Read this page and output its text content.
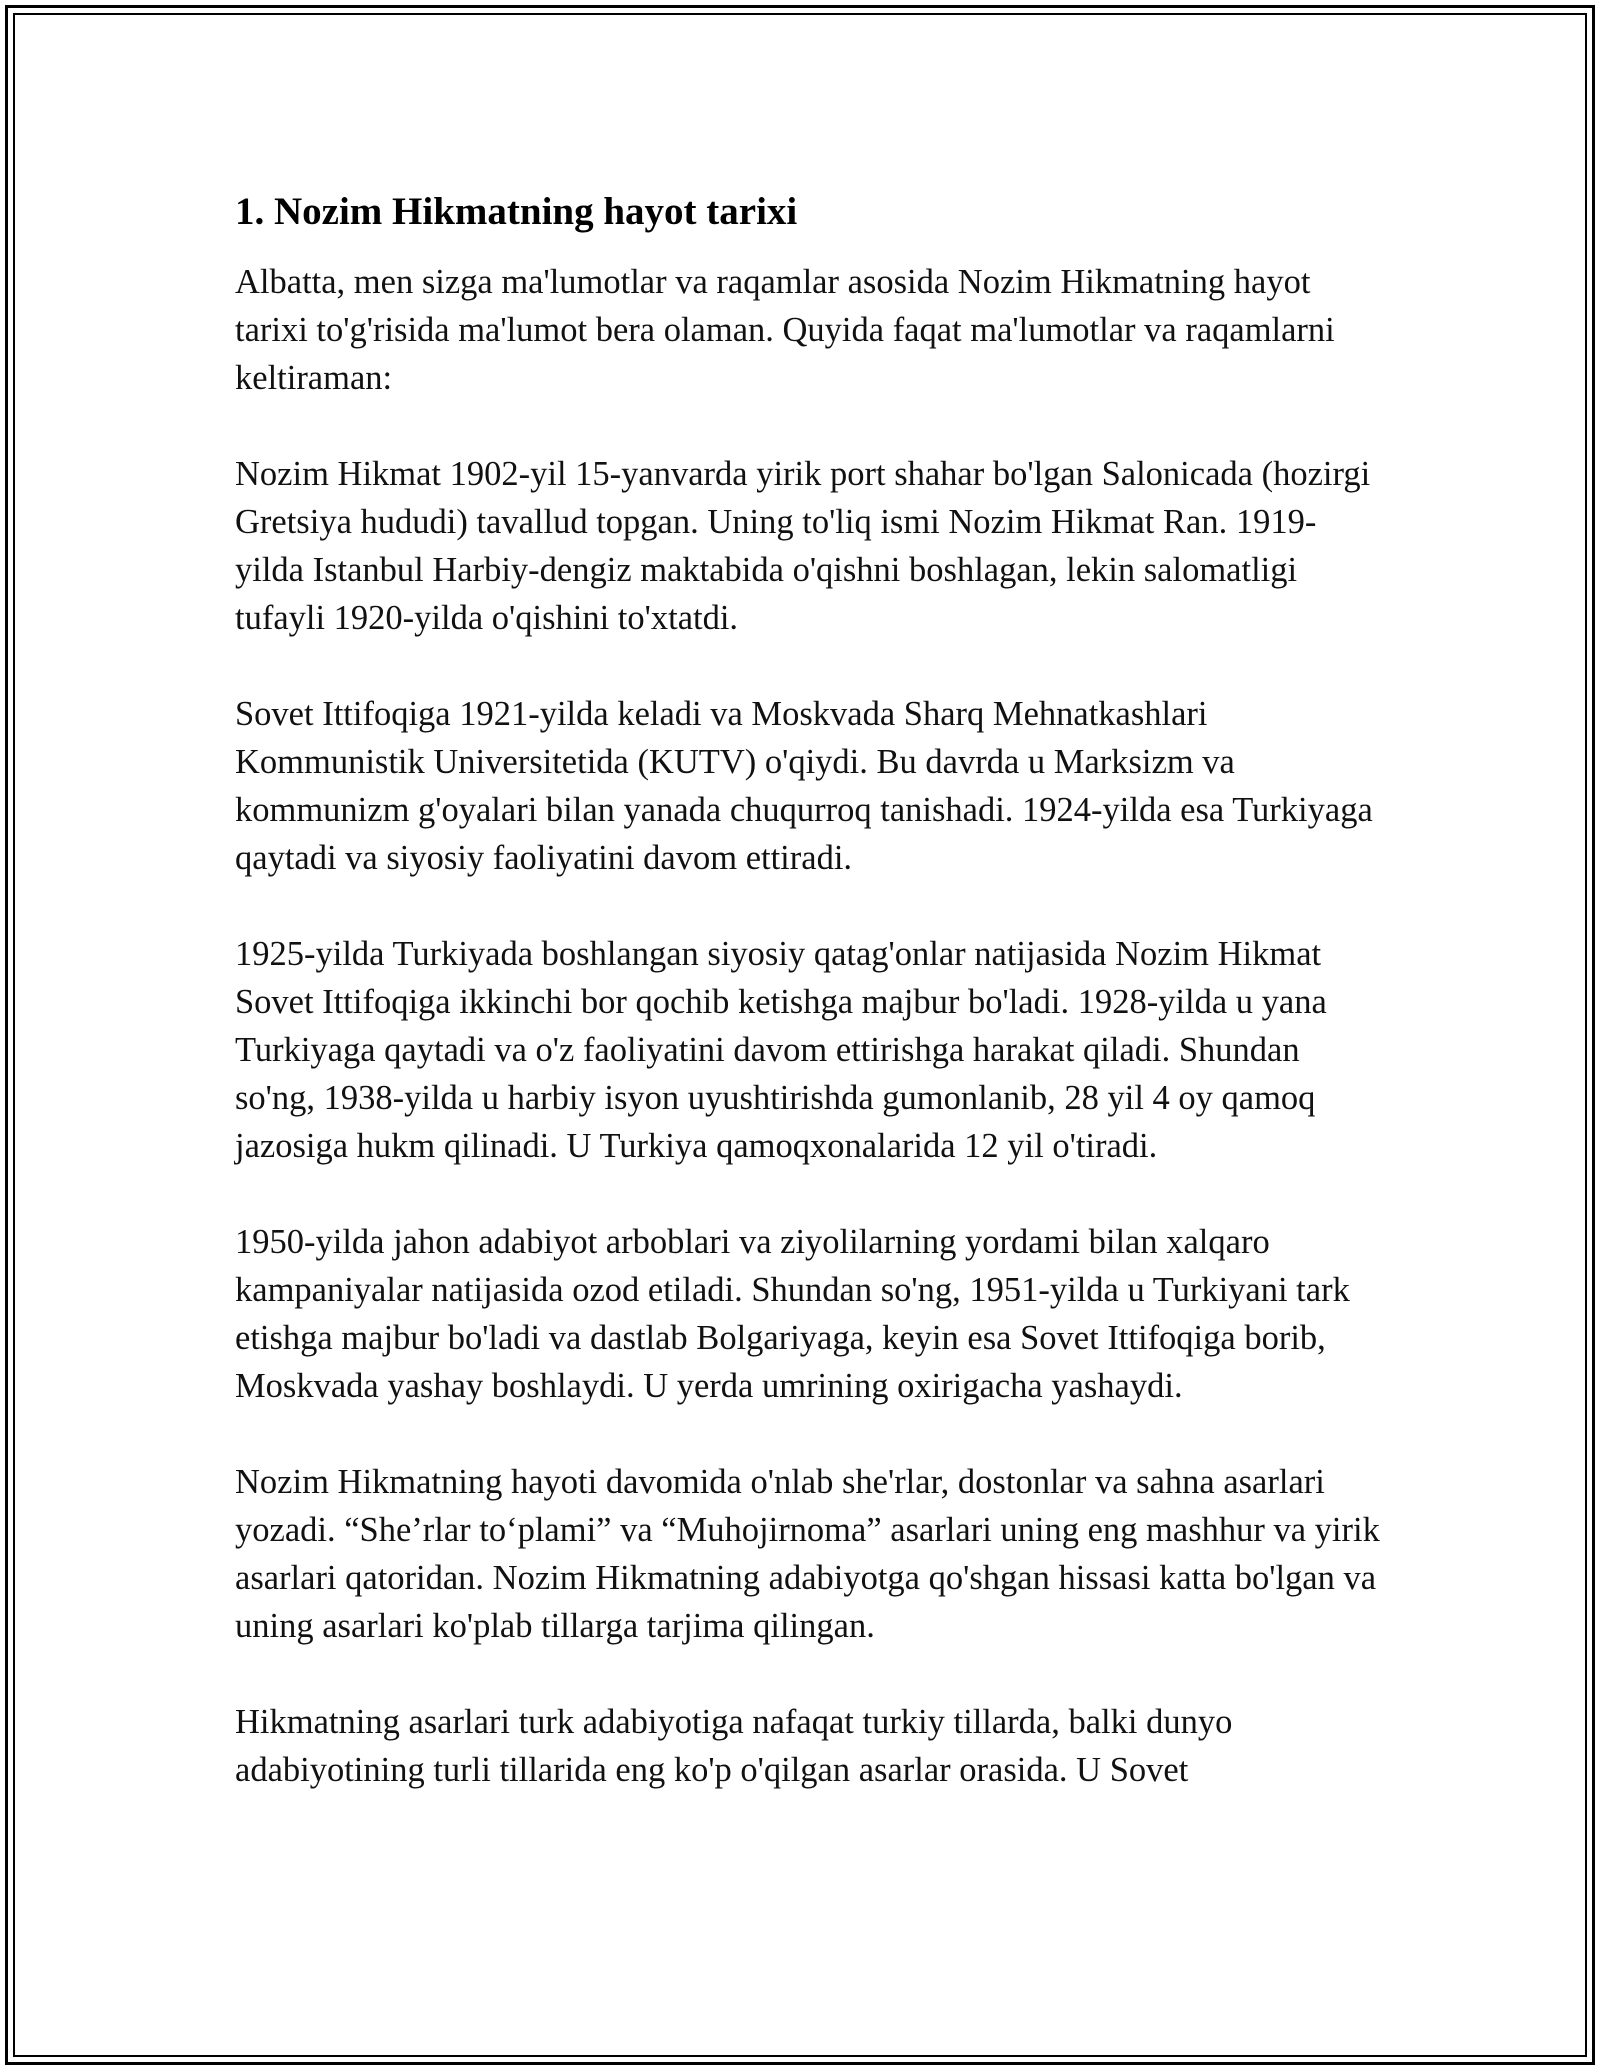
1. Nozim Hikmatning hayot tarixi

Albatta, men sizga ma'lumotlar va raqamlar asosida Nozim Hikmatning hayot tarixi to'g'risida ma'lumot bera olaman. Quyida faqat ma'lumotlar va raqamlarni keltiraman:

Nozim Hikmat 1902-yil 15-yanvarda yirik port shahar bo'lgan Salonicada (hozirgi Gretsiya hududi) tavallud topgan. Uning to'liq ismi Nozim Hikmat Ran. 1919-yilda Istanbul Harbiy-dengiz maktabida o'qishni boshlagan, lekin salomatligi tufayli 1920-yilda o'qishini to'xtatdi.

Sovet Ittifoqiga 1921-yilda keladi va Moskvada Sharq Mehnatkashlari Kommunistik Universitetida (KUTV) o'qiydi. Bu davrda u Marksizm va kommunizm g'oyalari bilan yanada chuqurroq tanishadi. 1924-yilda esa Turkiyaga qaytadi va siyosiy faoliyatini davom ettiradi.

1925-yilda Turkiyada boshlangan siyosiy qatag'onlar natijasida Nozim Hikmat Sovet Ittifoqiga ikkinchi bor qochib ketishga majbur bo'ladi. 1928-yilda u yana Turkiyaga qaytadi va o'z faoliyatini davom ettirishga harakat qiladi. Shundan so'ng, 1938-yilda u harbiy isyon uyushtirishda gumonlanib, 28 yil 4 oy qamoq jazosiga hukm qilinadi. U Turkiya qamoqxonalarida 12 yil o'tiradi.

1950-yilda jahon adabiyot arboblari va ziyolilarning yordami bilan xalqaro kampaniyalar natijasida ozod etiladi. Shundan so'ng, 1951-yilda u Turkiyani tark etishga majbur bo'ladi va dastlab Bolgariyaga, keyin esa Sovet Ittifoqiga borib, Moskvada yashay boshlaydi. U yerda umrining oxirigacha yashaydi.

Nozim Hikmatning hayoti davomida o'nlab she'rlar, dostonlar va sahna asarlari yozadi. “She’rlar to‘plami” va “Muhojirnoma” asarlari uning eng mashhur va yirik asarlari qatoridan. Nozim Hikmatning adabiyotga qo'shgan hissasi katta bo'lgan va uning asarlari ko'plab tillarga tarjima qilingan.

Hikmatning asarlari turk adabiyotiga nafaqat turkiy tillarda, balki dunyo adabiyotining turli tillarida eng ko'p o'qilgan asarlar orasida. U Sovet
